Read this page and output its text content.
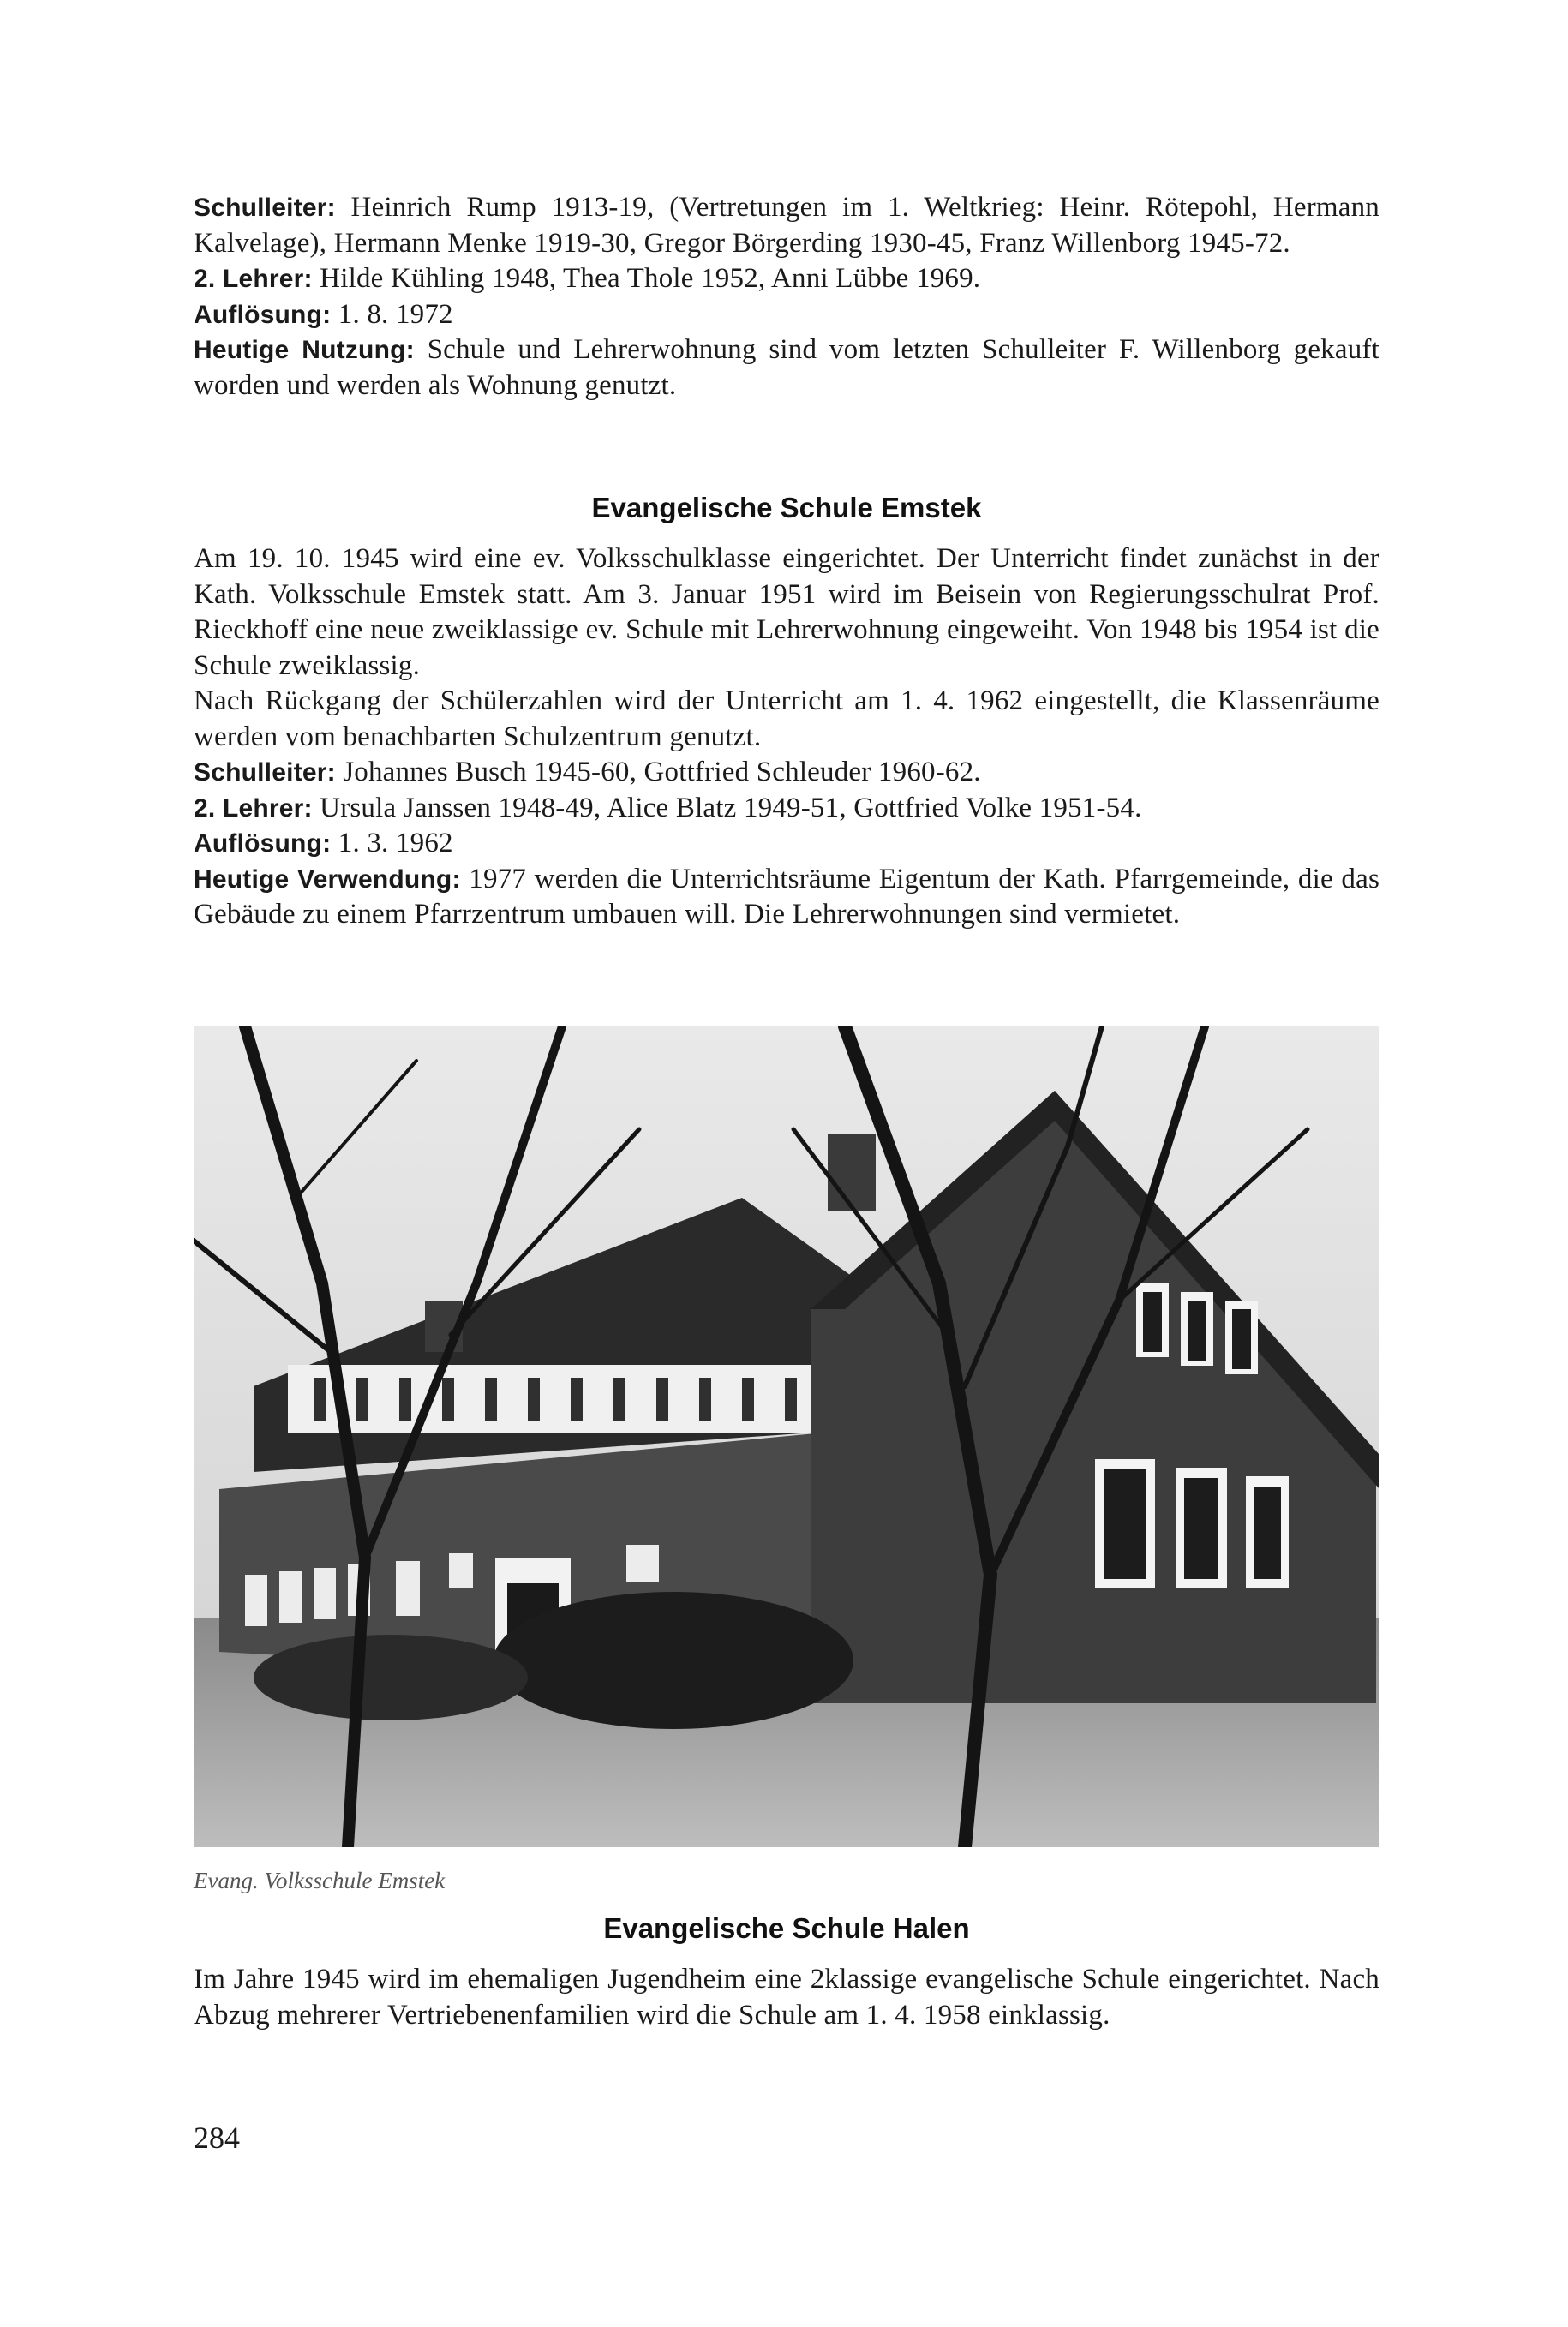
Schulleiter: Heinrich Rump 1913-19, (Vertretungen im 1. Weltkrieg: Heinr. Rötepohl, Hermann Kalvelage), Hermann Menke 1919-30, Gregor Börgerding 1930-45, Franz Willenborg 1945-72.

2. Lehrer: Hilde Kühling 1948, Thea Thole 1952, Anni Lübbe 1969.

Auflösung: 1. 8. 1972

Heutige Nutzung: Schule und Lehrerwohnung sind vom letzten Schulleiter F. Willenborg gekauft worden und werden als Wohnung genutzt.

Evangelische Schule Emstek

Am 19. 10. 1945 wird eine ev. Volksschulklasse eingerichtet. Der Unterricht findet zunächst in der Kath. Volksschule Emstek statt. Am 3. Januar 1951 wird im Beisein von Regierungsschulrat Prof. Rieckhoff eine neue zweiklassige ev. Schule mit Lehrerwohnung eingeweiht. Von 1948 bis 1954 ist die Schule zweiklassig.

Nach Rückgang der Schülerzahlen wird der Unterricht am 1. 4. 1962 eingestellt, die Klassenräume werden vom benachbarten Schulzentrum genutzt.

Schulleiter: Johannes Busch 1945-60, Gottfried Schleuder 1960-62.

2. Lehrer: Ursula Janssen 1948-49, Alice Blatz 1949-51, Gottfried Volke 1951-54.

Auflösung: 1. 3. 1962

Heutige Verwendung: 1977 werden die Unterrichtsräume Eigentum der Kath. Pfarrgemeinde, die das Gebäude zu einem Pfarrzentrum umbauen will. Die Lehrerwohnungen sind vermietet.

Evang. Volksschule Emstek
Evangelische Schule Halen

Im Jahre 1945 wird im ehemaligen Jugendheim eine 2klassige evangelische Schule eingerichtet. Nach Abzug mehrerer Vertriebenenfamilien wird die Schule am 1. 4. 1958 einklassig.

284
